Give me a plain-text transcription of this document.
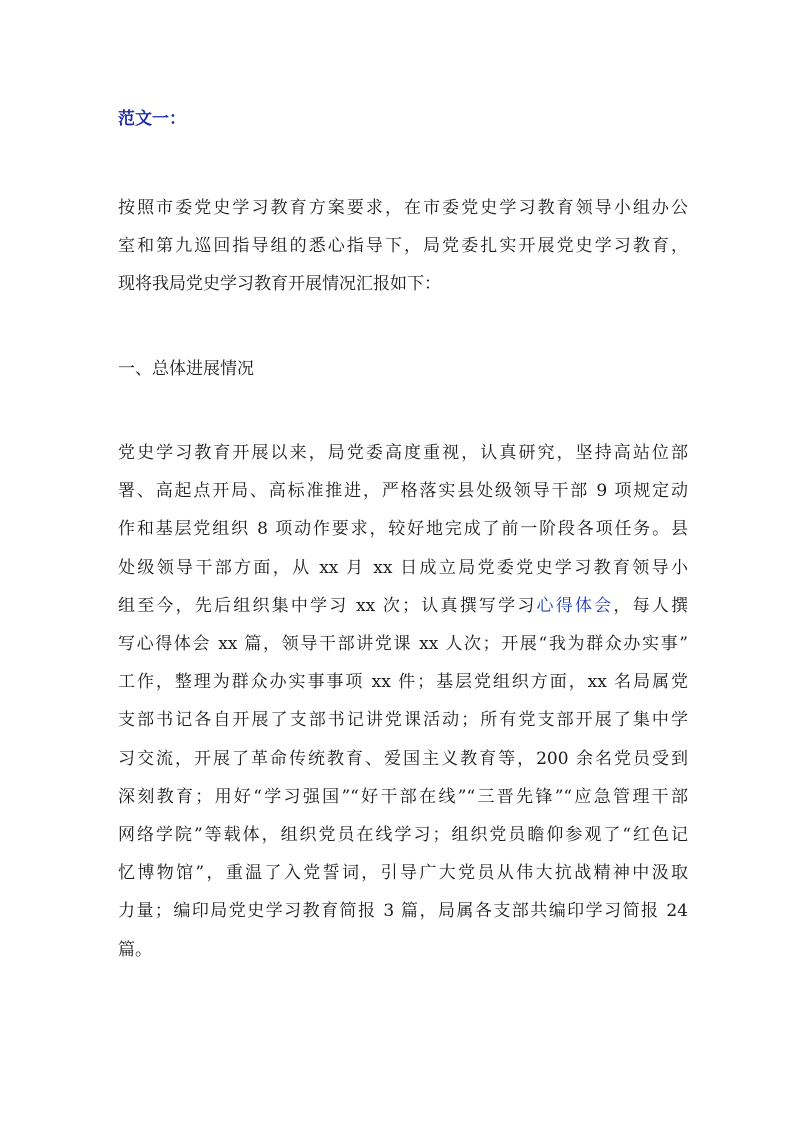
范文一：
按照市委党史学习教育方案要求，在市委党史学习教育领导小组办公
室和第九巡回指导组的悉心指导下，局党委扎实开展党史学习教育，
现将我局党史学习教育开展情况汇报如下：
一、总体进展情况
党史学习教育开展以来，局党委高度重视，认真研究，坚持高站位部
署、高起点开局、高标准推进，严格落实县处级领导干部 9 项规定动
作和基层党组织 8 项动作要求，较好地完成了前一阶段各项任务。县
处级领导干部方面，从 xx 月 xx 日成立局党委党史学习教育领导小
组至今，先后组织集中学习 xx 次；认真撰写学习心得体会，每人撰
写心得体会 xx 篇，领导干部讲党课 xx 人次；开展“我为群众办实事”
工作，整理为群众办实事事项 xx 件；基层党组织方面，xx 名局属党
支部书记各自开展了支部书记讲党课活动；所有党支部开展了集中学
习交流，开展了革命传统教育、爱国主义教育等，200 余名党员受到
深刻教育；用好“学习强国”“好干部在线”“三晋先锋”“应急管理干部
网络学院”等载体，组织党员在线学习；组织党员瞻仰参观了“红色记
忆博物馆”，重温了入党誓词，引导广大党员从伟大抗战精神中汲取
力量；编印局党史学习教育简报 3 篇，局属各支部共编印学习简报 24
篇。
